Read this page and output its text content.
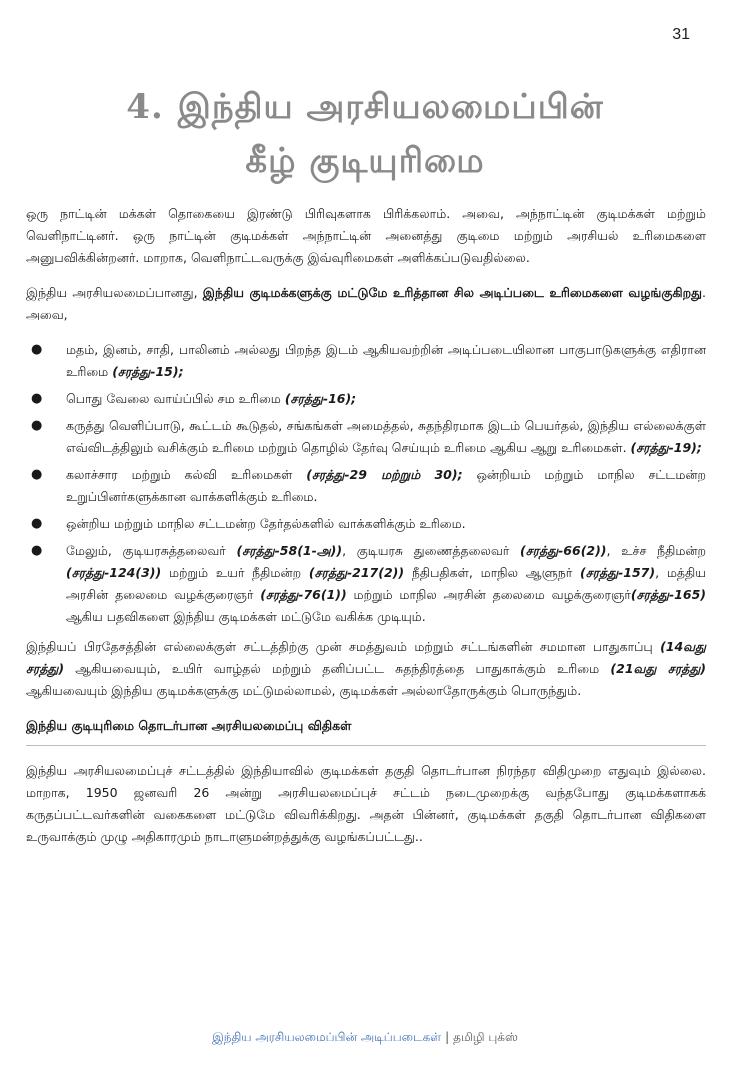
31
4. இந்திய அரசியலமைப்பின்
கீழ் குடியுரிமை

ஒரு நாட்டின் மக்கள் தொகையை இரண்டு பிரிவுகளாக பிரிக்கலாம். அவை, அந்நாட்டின் குடிமக்கள் மற்றும் வெளிநாட்டினர். ஒரு நாட்டின் குடிமக்கள் அந்நாட்டின் அனைத்து குடிமை மற்றும் அரசியல் உரிமைகளை அனுபவிக்கின்றனர். மாறாக, வெளிநாட்டவருக்கு இவ்வுரிமைகள் அளிக்கப்படுவதில்லை.

இந்திய அரசியலமைப்பானது, இந்திய குடிமக்களுக்கு மட்டுமே உரித்தான சில அடிப்படை உரிமைகளை வழங்குகிறது. அவை,

● மதம், இனம், சாதி, பாலினம் அல்லது பிறந்த இடம் ஆகியவற்றின் அடிப்படையிலான பாகுபாடுகளுக்கு எதிரான உரிமை (சரத்து-15);
● பொது வேலை வாய்ப்பில் சம உரிமை (சரத்து-16);
● கருத்து வெளிப்பாடு, கூட்டம் கூடுதல், சங்கங்கள் அமைத்தல், சுதந்திரமாக இடம் பெயர்தல், இந்திய எல்லைக்குள் எவ்விடத்திலும் வசிக்கும் உரிமை மற்றும் தொழில் தேர்வு செய்யும் உரிமை ஆகிய ஆறு உரிமைகள். (சரத்து-19);
● கலாச்சார மற்றும் கல்வி உரிமைகள் (சரத்து-29 மற்றும் 30); ஒன்றியம் மற்றும் மாநில சட்டமன்ற உறுப்பினர்களுக்கான வாக்களிக்கும் உரிமை.
● ஒன்றிய மற்றும் மாநில சட்டமன்ற தேர்தல்களில் வாக்களிக்கும் உரிமை.
● மேலும், குடியரசுத்தலைவர் (சரத்து-58(1-அ)), குடியரசு துணைத்தலைவர் (சரத்து-66(2)), உச்ச நீதிமன்ற (சரத்து-124(3)) மற்றும் உயர் நீதிமன்ற (சரத்து-217(2)) நீதிபதிகள், மாநில ஆளுநர் (சரத்து-157), மத்திய அரசின் தலைமை வழக்குரைஞர் (சரத்து-76(1)) மற்றும் மாநில அரசின் தலைமை வழக்குரைஞர்(சரத்து-165) ஆகிய பதவிகளை இந்திய குடிமக்கள் மட்டுமே வகிக்க முடியும்.

இந்தியப் பிரதேசத்தின் எல்லைக்குள் சட்டத்திற்கு முன் சமத்துவம் மற்றும் சட்டங்களின் சமமான பாதுகாப்பு (14வது சரத்து) ஆகியவையும், உயிர் வாழ்தல் மற்றும் தனிப்பட்ட சுதந்திரத்தை பாதுகாக்கும் உரிமை (21வது சரத்து) ஆகியவையும் இந்திய குடிமக்களுக்கு மட்டுமல்லாமல், குடிமக்கள் அல்லாதோருக்கும் பொருந்தும்.

இந்திய குடியுரிமை தொடர்பான அரசியலமைப்பு விதிகள்

இந்திய அரசியலமைப்புச் சட்டத்தில் இந்தியாவில் குடிமக்கள் தகுதி தொடர்பான நிரந்தர விதிமுறை எதுவும் இல்லை. மாறாக, 1950 ஜனவரி 26 அன்று அரசியலமைப்புச் சட்டம் நடைமுறைக்கு வந்தபோது குடிமக்களாகக் கருதப்பட்டவர்களின் வகைகளை மட்டுமே விவரிக்கிறது. அதன் பின்னர், குடிமக்கள் தகுதி தொடர்பான விதிகளை உருவாக்கும் முழு அதிகாரமும் நாடாளுமன்றத்துக்கு வழங்கப்பட்டது..

இந்திய அரசியலமைப்பின் அடிப்படைகள் | தமிழி புக்ஸ்
